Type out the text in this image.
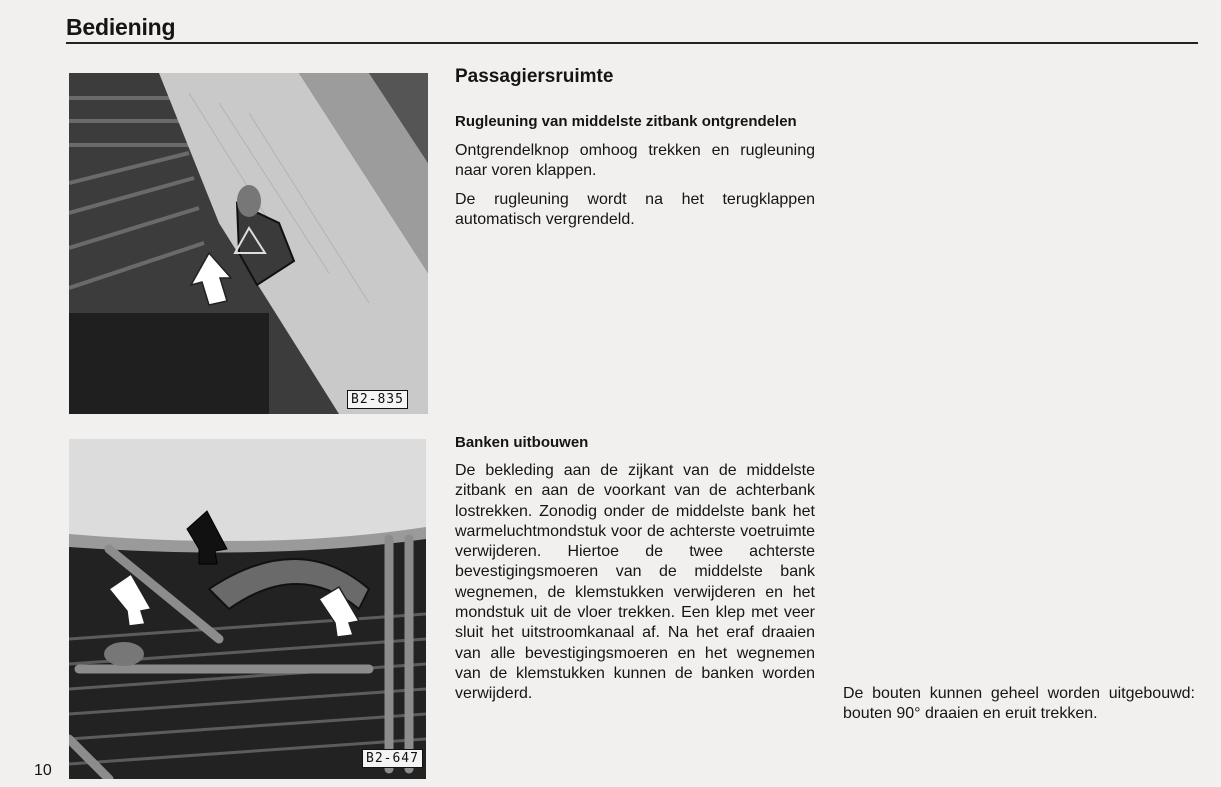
Bediening
B2-835
B2-647
Passagiersruimte

Rugleuning van middelste zitbank ontgrendelen

Ontgrendelknop omhoog trekken en rugleuning naar voren klappen.

De rugleuning wordt na het terugklappen automatisch vergrendeld.

Banken uitbouwen

De bekleding aan de zijkant van de middelste zitbank en aan de voorkant van de achterbank lostrekken. Zonodig onder de middelste bank het warmeluchtmondstuk voor de achterste voetruimte verwijderen. Hiertoe de twee achterste bevestigingsmoeren van de middelste bank wegnemen, de klemstukken verwijderen en het mondstuk uit de vloer trekken. Een klep met veer sluit het uitstroomkanaal af. Na het eraf draaien van alle bevestigingsmoeren en het wegnemen van de klemstukken kunnen de banken worden verwijderd.	De bouten kunnen geheel worden uitgebouwd: bouten 90° draaien en eruit trekken.

10
